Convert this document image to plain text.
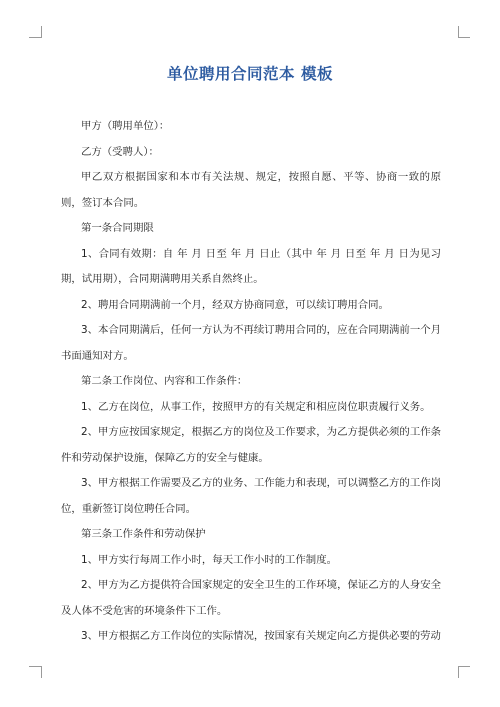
单位聘用合同范本 模板

甲方（聘用单位）：

乙方（受聘人）：

甲乙双方根据国家和本市有关法规、规定，按照自愿、平等、协商一致的原则，签订本合同。

第一条合同期限

1、合同有效期：自 年 月 日至 年 月 日止（其中 年 月 日至 年 月 日为见习期，试用期），合同期满聘用关系自然终止。

2、聘用合同期满前一个月，经双方协商同意，可以续订聘用合同。

3、本合同期满后，任何一方认为不再续订聘用合同的，应在合同期满前一个月书面通知对方。

第二条工作岗位、内容和工作条件：

1、乙方在岗位，从事工作，按照甲方的有关规定和相应岗位职责履行义务。

2、甲方应按国家规定，根据乙方的岗位及工作要求，为乙方提供必须的工作条件和劳动保护设施，保障乙方的安全与健康。

3、甲方根据工作需要及乙方的业务、工作能力和表现，可以调整乙方的工作岗位，重新签订岗位聘任合同。

第三条工作条件和劳动保护

1、甲方实行每周工作小时，每天工作小时的工作制度。

2、甲方为乙方提供符合国家规定的安全卫生的工作环境，保证乙方的人身安全及人体不受危害的环境条件下工作。

3、甲方根据乙方工作岗位的实际情况，按国家有关规定向乙方提供必要的劳动
